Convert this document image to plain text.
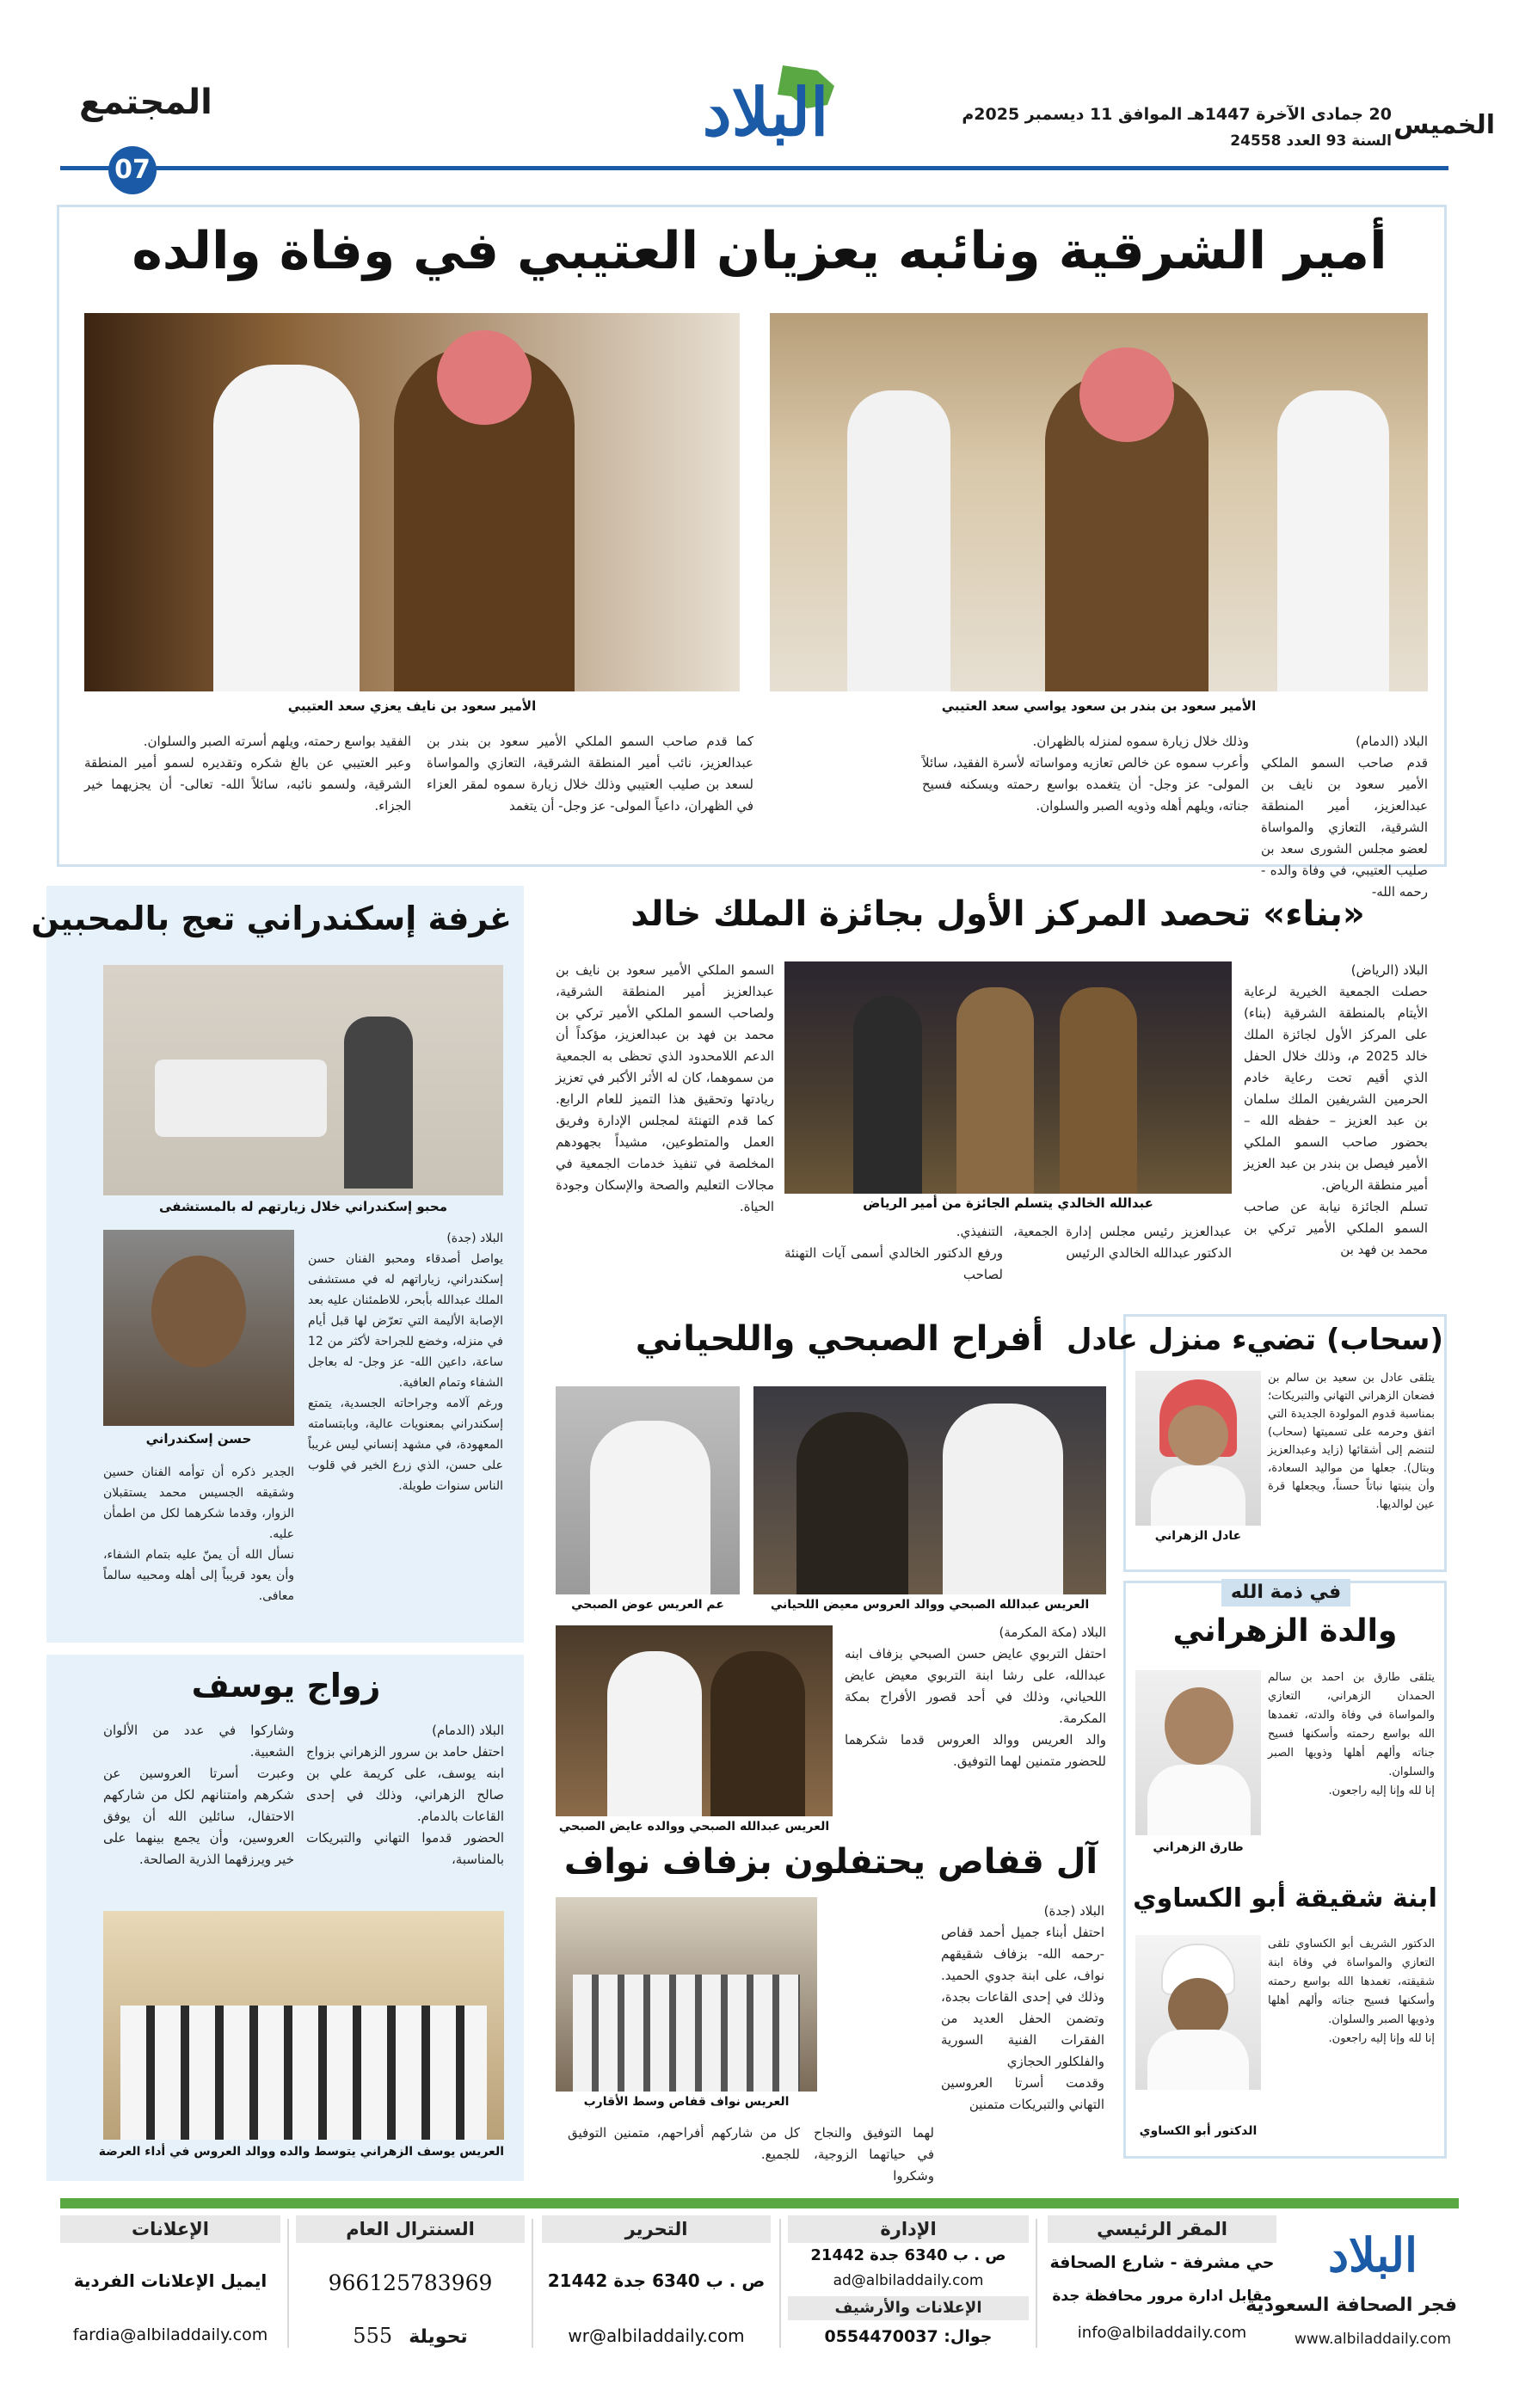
الخميس
20 جمادى الآخرة 1447هـ الموافق 11 ديسمبر 2025م
السنة 93 العدد 24558
البلاد
المجتمع
07
أمير الشرقية ونائبه يعزيان العتيبي في وفاة والده
الأمير سعود بن بندر بن سعود يواسي سعد العتيبي
الأمير سعود بن نايف يعزي سعد العتيبي
البلاد (الدمام)
قدم صاحب السمو الملكي الأمير سعود بن نايف بن عبدالعزيز، أمير المنطقة الشرقية، التعازي والمواساة لعضو مجلس الشورى سعد بن صليب العتيبي، في وفاة والده - رحمه الله-
وذلك خلال زيارة سموه لمنزله بالظهران.
وأعرب سموه عن خالص تعازيه ومواساته لأسرة الفقيد، سائلاً المولى- عز وجل- أن يتغمده بواسع رحمته ويسكنه فسيح جناته، ويلهم أهله وذويه الصبر والسلوان.
كما قدم صاحب السمو الملكي الأمير سعود بن بندر بن عبدالعزيز، نائب أمير المنطقة الشرقية، التعازي والمواساة لسعد بن صليب العتيبي وذلك خلال زيارة سموه لمقر العزاء في الظهران، داعياً المولى- عز وجل- أن يتغمد
الفقيد بواسع رحمته، ويلهم أسرته الصبر والسلوان.
وعبر العتيبي عن بالغ شكره وتقديره لسمو أمير المنطقة الشرقية، ولسمو نائبه، سائلاً الله- تعالى- أن يجزيهما خير الجزاء.
«بناء» تحصد المركز الأول بجائزة الملك خالد
عبدالله الخالدي يتسلم الجائزة من أمير الرياض
البلاد (الرياض)
حصلت الجمعية الخيرية لرعاية الأيتام بالمنطقة الشرقية (بناء) على المركز الأول لجائزة الملك خالد 2025 م، وذلك خلال الحفل الذي أقيم تحت رعاية خادم الحرمين الشريفين الملك سلمان بن عبد العزيز – حفظه الله – بحضور صاحب السمو الملكي الأمير فيصل بن بندر بن عبد العزيز أمير منطقة الرياض.
تسلم الجائزة نيابة عن صاحب السمو الملكي الأمير تركي بن محمد بن فهد بن
عبدالعزيز رئيس مجلس إدارة الجمعية، الدكتور عبدالله الخالدي الرئيس
التنفيذي.
ورفع الدكتور الخالدي أسمى آيات التهنئة لصاحب
السمو الملكي الأمير سعود بن نايف بن عبدالعزيز أمير المنطقة الشرقية، ولصاحب السمو الملكي الأمير تركي بن محمد بن فهد بن عبدالعزيز، مؤكداً أن الدعم اللامحدود الذي تحظى به الجمعية من سموهما، كان له الأثر الأكبر في تعزيز ريادتها وتحقيق هذا التميز للعام الرابع. كما قدم التهنئة لمجلس الإدارة وفريق العمل والمتطوعين، مشيداً بجهودهم المخلصة في تنفيذ خدمات الجمعية في مجالات التعليم والصحة والإسكان وجودة الحياة.
غرفة إسكندراني تعج بالمحبين
محبو إسكندراني خلال زيارتهم له بالمستشفى
حسن إسكندراني
البلاد (جدة)
يواصل أصدقاء ومحبو الفنان حسن إسكندراني، زياراتهم له في مستشفى الملك عبدالله بأبحر، للاطمئنان عليه بعد الإصابة الأليمة التي تعرّض لها قبل أيام في منزله، وخضع للجراحة لأكثر من 12 ساعة، داعين الله- عز وجل- له بعاجل الشفاء وتمام العافية.
ورغم آلامه وجراحاته الجسدية، يتمتع إسكندراني بمعنويات عالية، وبابتسامته المعهودة، في مشهد إنساني ليس غريباً على حسن، الذي زرع الخير في قلوب الناس سنوات طويلة.
الجدير ذكره أن توأمه الفنان حسين وشقيقه الجسيس محمد يستقبلان الزوار، وقدما شكرهما لكل من اطمأن عليه.
نسأل الله أن يمنّ عليه بتمام الشفاء، وأن يعود قريباً إلى أهله ومحبيه سالماً معافى.
أفراح الصبحي واللحياني
العريس عبدالله الصبحي ووالد العروس معيض اللحياني
عم العريس عوض الصبحي
العريس عبدالله الصبحي ووالده عايض الصبحي
البلاد (مكة المكرمة)
احتفل التربوي عايض حسن الصبحي بزفاف ابنه عبدالله، على رشا ابنة التربوي معيض عايض اللحياني، وذلك في أحد قصور الأفراح بمكة المكرمة.
والد العريس ووالد العروس قدما شكرهما للحضور متمنين لهما التوفيق.
(سحاب) تضيء منزل عادل
يتلقى عادل بن سعيد بن سالم بن فضعان الزهراني التهاني والتبريكات؛ بمناسبة قدوم المولودة الجديدة التي اتفق وحرمه على تسميتها (سحاب) لتنضم إلى أشقائها (زايد وعبدالعزيز وبتال). جعلها من مواليد السعادة، وأن ينبتها نباتاً حسناً، ويجعلها قرة عين لوالديها.
عادل الزهراني
في ذمة الله
والدة الزهراني
يتلقى طارق بن احمد بن سالم الحمدان الزهراني، التعازي والمواساة في وفاة والدته، تغمدها الله بواسع رحمته وأسكنها فسيح جناته وألهم أهلها وذويها الصبر والسلوان.
إنا لله وإنا إليه راجعون.
طارق الزهراني
ابنة شقيقة أبو الكساوي
الدكتور الشريف أبو الكساوي تلقى التعازي والمواساة في وفاة ابنة شقيقته، تغمدها الله بواسع رحمته وأسكنها فسيح جناته وألهم أهلها وذويها الصبر والسلوان.
إنا لله وإنا إليه راجعون.
الدكتور أبو الكساوي
آل قفاص يحتفلون بزفاف نواف
العريس نواف قفاص وسط الأقارب
البلاد (جدة)
احتفل أبناء جميل أحمد قفاص -رحمه الله- بزفاف شقيقهم نواف، على ابنة جدوي الحميد. وذلك في إحدى القاعات بجدة، وتضمن الحفل العديد من الفقرات الفنية السورية والفلكلور الحجازي
وقدمت أسرتا العروسين التهاني والتبريكات متمنين
لهما التوفيق والنجاح في حياتهما الزوجية، وشكروا
كل من شاركهم أفراحهم، متمنين التوفيق للجميع.
زواج يوسف
البلاد (الدمام)
احتفل حامد بن سرور الزهراني بزواج ابنه يوسف، على كريمة علي بن صالح الزهراني، وذلك في إحدى القاعات بالدمام.
الحضور قدموا التهاني والتبريكات بالمناسبة،
وشاركوا في عدد من الألوان الشعبية.
وعبرت أسرتا العروسين عن شكرهم وامتنانهم لكل من شاركهم الاحتفال، سائلين الله أن يوفق العروسين، وأن يجمع بينهما على خير ويرزقهما الذرية الصالحة.
العريس يوسف الزهراني يتوسط والده ووالد العروس في أداء العرضة
البلاد
فجر الصحافة السعودية
www.albiladdaily.com
المقر الرئيسي
حي مشرفة - شارع الصحافة
مقابل ادارة مرور محافظة جدة
info@albiladdaily.com
الإدارة
ص . ب 6340 جدة 21442
ad@albiladdaily.com
الإعلانات والأرشيف
جوال: 0554470037
التحرير
ص . ب 6340 جدة 21442
wr@albiladdaily.com
السنترال العام
966125783969
تحويلة 555
الإعلانات
ايميل الإعلانات الفردية
fardia@albiladdaily.com
